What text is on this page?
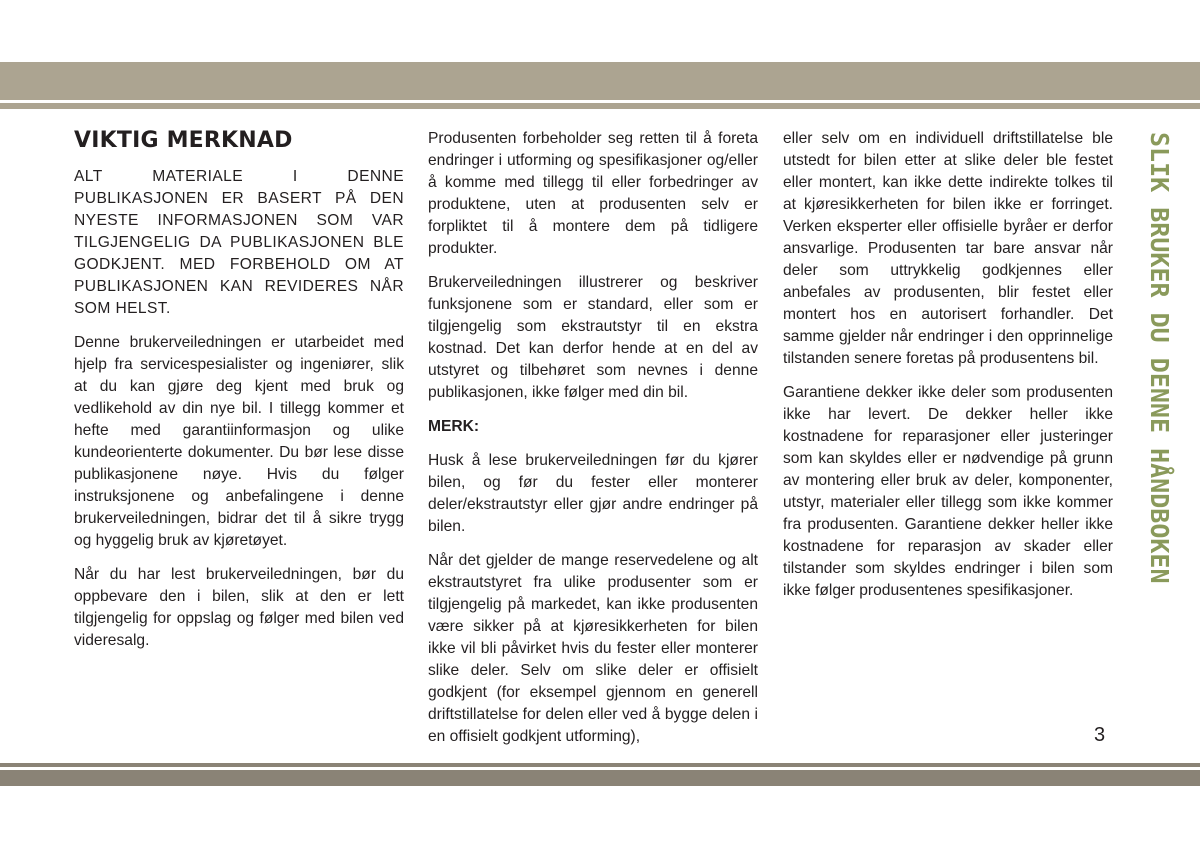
VIKTIG MERKNAD

ALT MATERIALE I DENNE PUBLIKASJONEN ER BASERT PÅ DEN NYESTE INFORMASJONEN SOM VAR TILGJENGELIG DA PUBLIKASJONEN BLE GODKJENT. MED FORBEHOLD OM AT PUBLIKASJONEN KAN REVIDERES NÅR SOM HELST.

Denne brukerveiledningen er utarbeidet med hjelp fra servicespesialister og ingeniører, slik at du kan gjøre deg kjent med bruk og vedlikehold av din nye bil. I tillegg kommer et hefte med garantiinformasjon og ulike kundeorienterte dokumenter. Du bør lese disse publikasjonene nøye. Hvis du følger instruksjonene og anbefalingene i denne brukerveiledningen, bidrar det til å sikre trygg og hyggelig bruk av kjøretøyet.

Når du har lest brukerveiledningen, bør du oppbevare den i bilen, slik at den er lett tilgjengelig for oppslag og følger med bilen ved videresalg.

Produsenten forbeholder seg retten til å foreta endringer i utforming og spesifikasjoner og/eller å komme med tillegg til eller forbedringer av produktene, uten at produsenten selv er forpliktet til å montere dem på tidligere produkter.

Brukerveiledningen illustrerer og beskriver funksjonene som er standard, eller som er tilgjengelig som ekstrautstyr til en ekstra kostnad. Det kan derfor hende at en del av utstyret og tilbehøret som nevnes i denne publikasjonen, ikke følger med din bil.

MERK:

Husk å lese brukerveiledningen før du kjører bilen, og før du fester eller monterer deler/ekstrautstyr eller gjør andre endringer på bilen.

Når det gjelder de mange reservedelene og alt ekstrautstyret fra ulike produsenter som er tilgjengelig på markedet, kan ikke produsenten være sikker på at kjøresikkerheten for bilen ikke vil bli påvirket hvis du fester eller monterer slike deler. Selv om slike deler er offisielt godkjent (for eksempel gjennom en generell driftstillatelse for delen eller ved å bygge delen i en offisielt godkjent utforming),

eller selv om en individuell driftstillatelse ble utstedt for bilen etter at slike deler ble festet eller montert, kan ikke dette indirekte tolkes til at kjøresikkerheten for bilen ikke er forringet. Verken eksperter eller offisielle byråer er derfor ansvarlige. Produsenten tar bare ansvar når deler som uttrykkelig godkjennes eller anbefales av produsenten, blir festet eller montert hos en autorisert forhandler. Det samme gjelder når endringer i den opprinnelige tilstanden senere foretas på produsentens bil.

Garantiene dekker ikke deler som produsenten ikke har levert. De dekker heller ikke kostnadene for reparasjoner eller justeringer som kan skyldes eller er nødvendige på grunn av montering eller bruk av deler, komponenter, utstyr, materialer eller tillegg som ikke kommer fra produsenten. Garantiene dekker heller ikke kostnadene for reparasjon av skader eller tilstander som skyldes endringer i bilen som ikke følger produsentenes spesifikasjoner.

SLIK BRUKER DU DENNE HÅNDBOKEN
3
